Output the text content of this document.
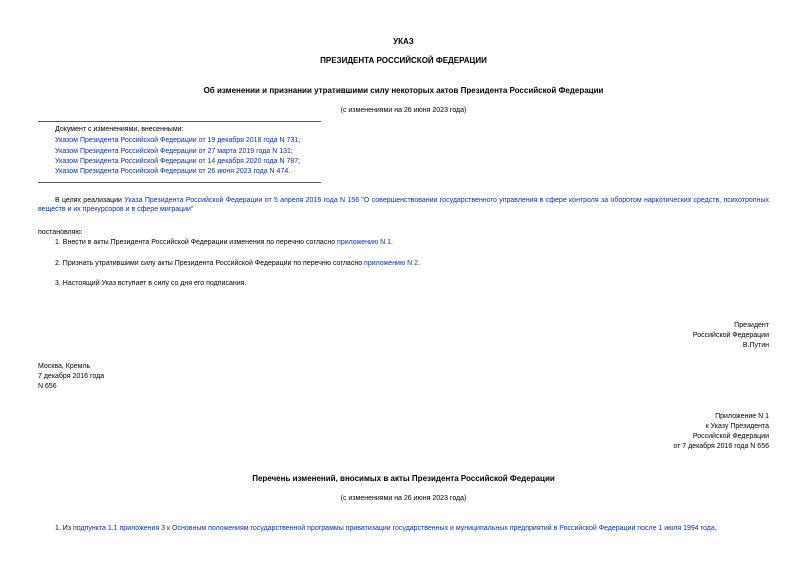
УКАЗ
ПРЕЗИДЕНТА РОССИЙСКОЙ ФЕДЕРАЦИИ
Об изменении и признании утратившими силу некоторых актов Президента Российской Федерации
(с изменениями на 26 июня 2023 года)
Документ с изменениями, внесенными:
Указом Президента Российской Федерации от 19 декабря 2018 года N 731;
Указом Президента Российской Федерации от 27 марта 2019 года N 131;
Указом Президента Российской Федерации от 14 декабря 2020 года N 787;
Указом Президента Российской Федерации от 26 июня 2023 года N 474.
В целях реализации Указа Президента Российской Федерации от 5 апреля 2016 года N 156 "О совершенствовании государственного управления в сфере контроля за оборотом наркотических средств, психотропных веществ и их прекурсоров и в сфере миграции"
постановляю:
1. Внести в акты Президента Российской Федерации изменения по перечню согласно приложению N 1.
2. Признать утратившими силу акты Президента Российской Федерации по перечню согласно приложению N 2.
3. Настоящий Указ вступает в силу со дня его подписания.
Президент
Российской Федерации
В.Путин
Москва, Кремль
7 декабря 2016 года
N 656
Приложение N 1
к Указу Президента
Российской Федерации
от 7 декабря 2016 года N 656
Перечень изменений, вносимых в акты Президента Российской Федерации
(с изменениями на 26 июня 2023 года)
1. Из подпункта 1.1 приложения 3 к Основным положениям государственной программы приватизации государственных и муниципальных предприятий в Российской Федерации после 1 июля 1994 года,
